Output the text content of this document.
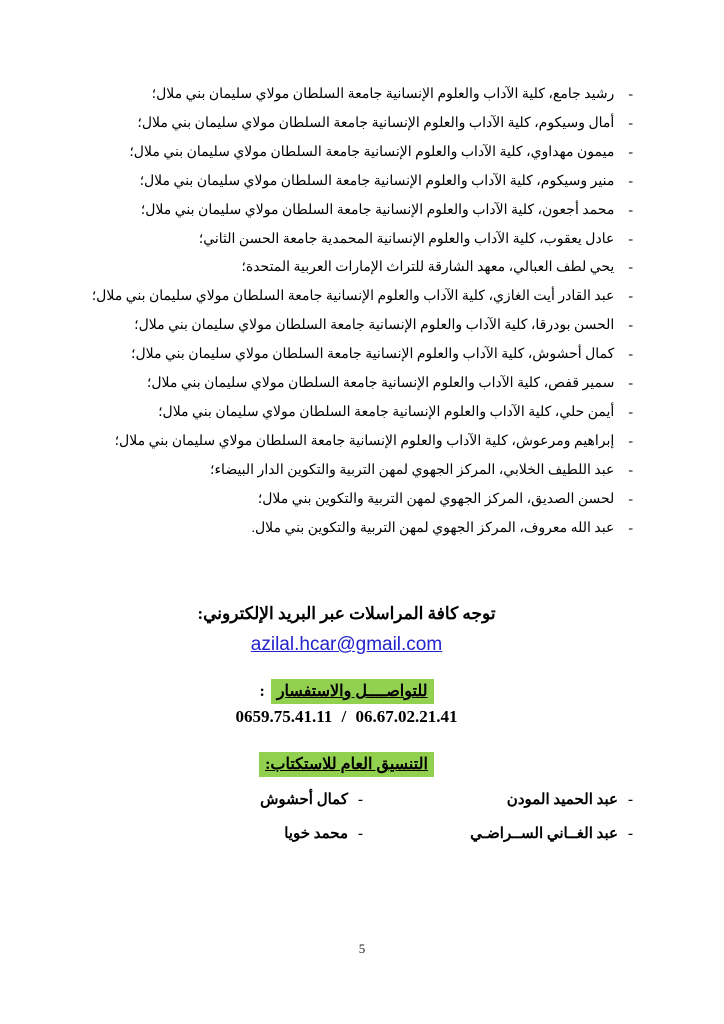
-رشيد جامع، كلية الآداب والعلوم الإنسانية جامعة السلطان مولاي سليمان بني ملال؛
-أمال وسيكوم، كلية الآداب والعلوم الإنسانية جامعة السلطان مولاي سليمان بني ملال؛
-ميمون مهداوي، كلية الآداب والعلوم الإنسانية جامعة السلطان مولاي سليمان بني ملال؛
-منير وسيكوم، كلية الآداب والعلوم الإنسانية جامعة السلطان مولاي سليمان بني ملال؛
-محمد أجعون، كلية الآداب والعلوم الإنسانية جامعة السلطان مولاي سليمان بني ملال؛
-عادل يعقوب، كلية الآداب والعلوم الإنسانية المحمدية جامعة الحسن الثاني؛
-يحي لطف العبالي، معهد الشارقة للتراث الإمارات العربية المتحدة؛
-عبد القادر أيت الغازي، كلية الآداب والعلوم الإنسانية جامعة السلطان مولاي سليمان بني ملال؛
-الحسن بودرقا، كلية الآداب والعلوم الإنسانية جامعة السلطان مولاي سليمان بني ملال؛
-كمال أحشوش، كلية الآداب والعلوم الإنسانية جامعة السلطان مولاي سليمان بني ملال؛
-سمير قفص، كلية الآداب والعلوم الإنسانية جامعة السلطان مولاي سليمان بني ملال؛
-أيمن حلي، كلية الآداب والعلوم الإنسانية جامعة السلطان مولاي سليمان بني ملال؛
-إبراهيم ومرعوش، كلية الآداب والعلوم الإنسانية جامعة السلطان مولاي سليمان بني ملال؛
-عبد اللطيف الخلابي، المركز الجهوي لمهن التربية والتكوين الدار البيضاء؛
-لحسن الصديق، المركز الجهوي لمهن التربية والتكوين بني ملال؛
-عبد الله معروف، المركز الجهوي لمهن التربية والتكوين بني ملال.
توجه كافة المراسلات عبر البريد الإلكتروني:
azilal.hcar@gmail.com
للتواصــــل والاستفسار:
0659.75.41.11 / 06.67.02.21.41
التنسيق العام للاستكتاب:
-عبد الحميد المودن
-كمال أحشوش
-عبد الغــاني الســراضـي
-محمد خويا
5
